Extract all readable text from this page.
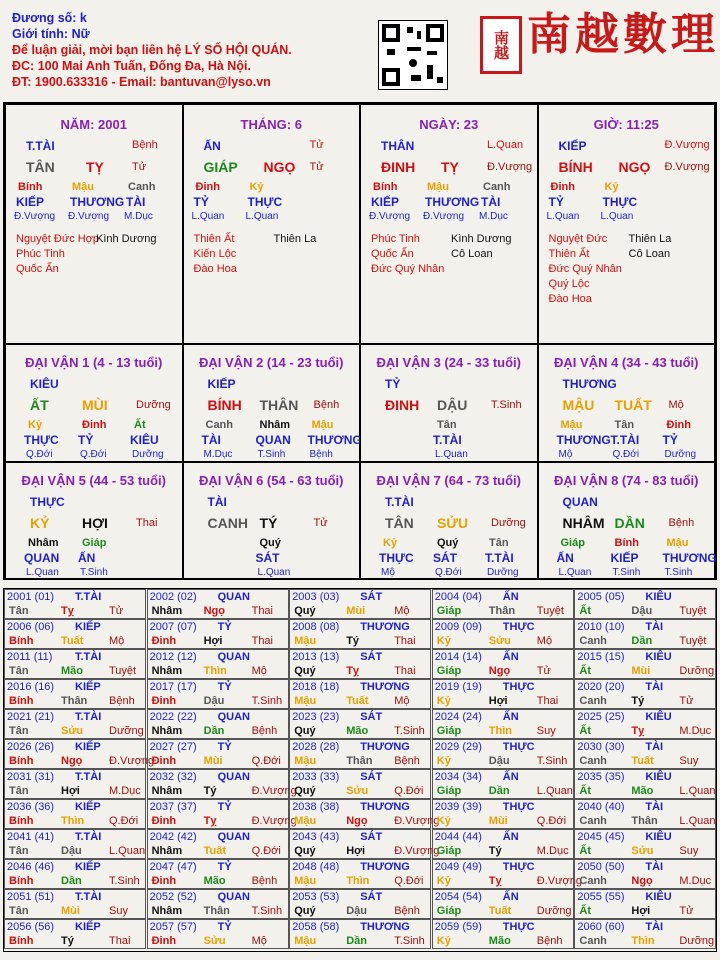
Đương số: k
Giới tính: Nữ
Để luận giải, mời bạn liên hệ LÝ SỐ HỘI QUÁN.
ĐC: 100 Mai Anh Tuấn, Đống Đa, Hà Nội.
ĐT: 1900.633316 - Email: bantuvan@lyso.vn
南越 南越數理
NĂM: 2001
T.TÀI	Bệnh
TÂN TỴ	Tử
Bính
KIẾP
Đ.Vượng
Mậu
THƯƠNG
Đ.Vượng
Canh
TÀI
M.Dục
Nguyệt Đức Hợp
Phúc Tinh
Quốc Ấn
Kình Dương
THÁNG: 6
ẤN	Tử
GIÁP NGỌ Tử
Đinh
TỶ
L.Quan
Kỷ
THỰC
L.Quan
Thiên Ất
Kiến Lộc
Đào Hoa
Thiên La
NGÀY: 23
THÂN	L.Quan
ĐINH TỴ	Đ.Vượng
Bính
KIẾP
Đ.Vượng
Mậu
THƯƠNG
Đ.Vượng
Canh
TÀI
M.Dục
Phúc Tinh
Quốc Ấn
Đức Quý Nhân
Kình Dương
Cô Loan
GIỜ: 11:25
KIẾP	Đ.Vượng
BÍNH NGỌ Đ.Vượng
Đinh
TỶ
L.Quan
Kỷ
THỰC
L.Quan
Nguyệt Đức
Thiên Ất
Đức Quý Nhân
Quý Lộc
Đào Hoa
Thiên La
Cô Loan
ĐẠI VẬN 1 (4 - 13 tuổi)
KIÊU
ẤT MÙI	Dưỡng
Kỷ
THỰC
Q.Đới
Đinh
TỶ
Q.Đới
Ất
KIÊU
Dưỡng
ĐẠI VẬN 2 (14 - 23 tuổi)
KIẾP
BÍNH THÂN Bệnh
Canh
TÀI
M.Dục
Nhâm
QUAN
T.Sinh
Mậu
THƯƠNG
Bệnh
ĐẠI VẬN 3 (24 - 33 tuổi)
TỶ
ĐINH DẬU T.Sinh
Tân
T.TÀI
L.Quan
ĐẠI VẬN 4 (34 - 43 tuổi)
THƯƠNG
MẬU TUẤT Mộ
Mậu
THƯƠNG
Mộ
Tân
T.TÀI
Q.Đới
Đinh
TỶ
Dưỡng
ĐẠI VẬN 5 (44 - 53 tuổi)
THỰC
KỶ HỢI	Thai
Nhâm
QUAN
L.Quan
Giáp
ẤN
T.Sinh
ĐẠI VẬN 6 (54 - 63 tuổi)
TÀI
CANH TÝ	Tử
Quý
SÁT
L.Quan
ĐẠI VẬN 7 (64 - 73 tuổi)
T.TÀI
TÂN SỬU Dưỡng
Kỷ
THỰC
Mộ
Quý
SÁT
Q.Đới
Tân
T.TÀI
Dưỡng
ĐẠI VẬN 8 (74 - 83 tuổi)
QUAN
NHÂM DẦN Bệnh
Giáp
ẤN
L.Quan
Bính
KIẾP
T.Sinh
Mậu
THƯƠNG
T.Sinh
2001 (01) T.TÀI
Tân	Tỵ	Tử
2002 (02) QUAN
Nhâm Ngọ Thai
2003 (03) SÁT
Quý	Mùi	Mộ
2004 (04) ẤN
Giáp	Thân Tuyệt
2005 (05) KIÊU
Ất	Dậu Tuyệt
2006 (06) KIẾP
Bính	Tuất Mộ
2007 (07) TỶ
Đinh	Hợi	Thai
2008 (08) THƯƠNG
Mậu	Tý	Thai
2009 (09) THỰC
Kỷ	Sửu Mộ
2010 (10) TÀI
Canh Dần Tuyệt
2011 (11) T.TÀI
Tân	Mão Tuyệt
2012 (12) QUAN
Nhâm Thìn Mộ
2013 (13) SÁT
Quý	Tỵ	Thai
2014 (14) ẤN
Giáp	Ngọ Tử
2015 (15) KIÊU
Ất	Mùi	Dưỡng
2016 (16) KIẾP
Bính	Thân Bệnh
2017 (17) TỶ
Đinh	Dậu T.Sinh
2018 (18) THƯƠNG
Mậu	Tuất Mộ
2019 (19) THỰC
Kỷ	Hợi	Thai
2020 (20) TÀI
Canh Tý	Tử
2021 (21) T.TÀI
Tân	Sửu Dưỡng
2022 (22) QUAN
Nhâm Dần Bệnh
2023 (23) SÁT
Quý	Mão T.Sinh
2024 (24) ẤN
Giáp	Thìn Suy
2025 (25) KIÊU
Ất	Tỵ	M.Dục
2026 (26) KIẾP
Bính	Ngọ Đ.Vượng
2027 (27) TỶ
Đinh	Mùi	Q.Đới
2028 (28) THƯƠNG
Mậu	Thân Bệnh
2029 (29) THỰC
Kỷ	Dậu T.Sinh
2030 (30) TÀI
Canh Tuất Suy
2031 (31) T.TÀI
Tân	Hợi	M.Dục
2032 (32) QUAN
Nhâm Tý	Đ.Vượng
2033 (33) SÁT
Quý	Sửu Q.Đới
2034 (34) ẤN
Giáp	Dần L.Quan
2035 (35) KIÊU
Ất	Mão L.Quan
2036 (36) KIẾP
Bính	Thìn Q.Đới
2037 (37) TỶ
Đinh	Tỵ	Đ.Vượng
2038 (38) THƯƠNG
Mậu	Ngọ Đ.Vượng
2039 (39) THỰC
Kỷ	Mùi	Q.Đới
2040 (40) TÀI
Canh Thân L.Quan
2041 (41) T.TÀI
Tân	Dậu L.Quan
2042 (42) QUAN
Nhâm Tuất Q.Đới
2043 (43) SÁT
Quý	Hợi	Đ.Vượng
2044 (44) ẤN
Giáp	Tý	M.Dục
2045 (45) KIÊU
Ất	Sửu Suy
2046 (46) KIẾP
Bính	Dần T.Sinh
2047 (47) TỶ
Đinh	Mão Bệnh
2048 (48) THƯƠNG
Mậu	Thìn Q.Đới
2049 (49) THỰC
Kỷ	Tỵ	Đ.Vượng
2050 (50) TÀI
Canh Ngọ M.Dục
2051 (51) T.TÀI
Tân	Mùi	Suy
2052 (52) QUAN
Nhâm Thân T.Sinh
2053 (53) SÁT
Quý	Dậu Bệnh
2054 (54) ẤN
Giáp	Tuất Dưỡng
2055 (55) KIÊU
Ất	Hợi	Tử
2056 (56) KIẾP
Bính	Tý	Thai
2057 (57) TỶ
Đinh	Sửu Mộ
2058 (58) THƯƠNG
Mậu	Dần T.Sinh
2059 (59) THỰC
Kỷ	Mão Bệnh
2060 (60) TÀI
Canh Thìn Dưỡng
